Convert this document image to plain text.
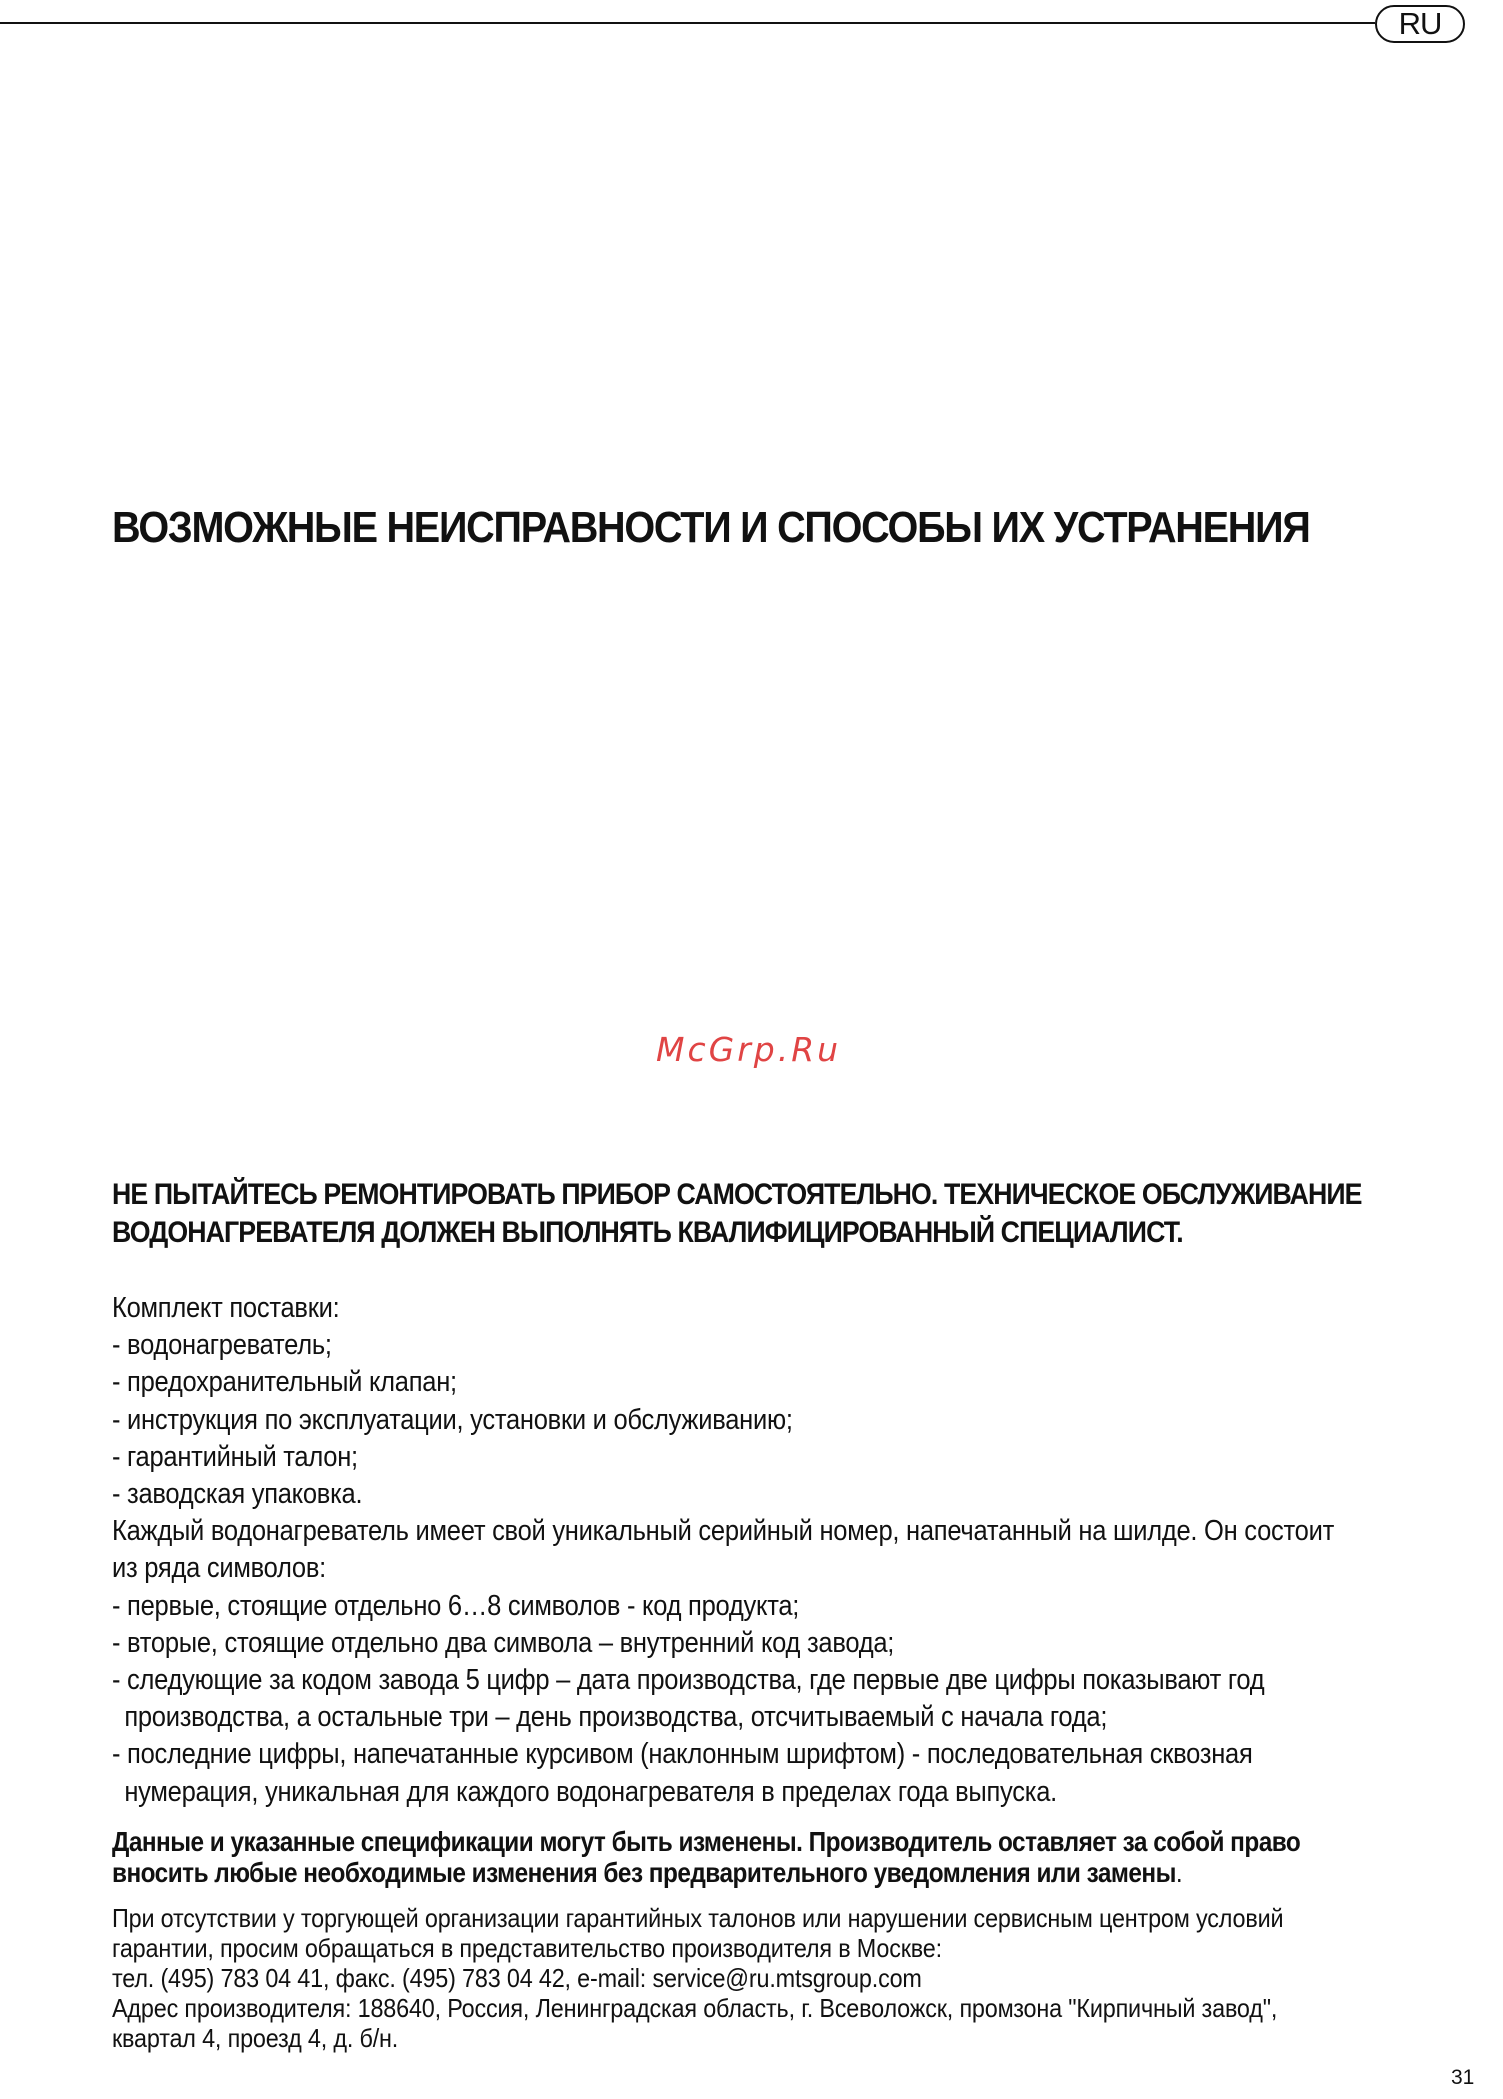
RU
ВОЗМОЖНЫЕ НЕИСПРАВНОСТИ И СПОСОБЫ ИХ УСТРАНЕНИЯ
McGrp.Ru
НЕ ПЫТАЙТЕСЬ РЕМОНТИРОВАТЬ ПРИБОР САМОСТОЯТЕЛЬНО. ТЕХНИЧЕСКОЕ ОБСЛУЖИВАНИЕ
ВОДОНАГРЕВАТЕЛЯ ДОЛЖЕН ВЫПОЛНЯТЬ КВАЛИФИЦИРОВАННЫЙ СПЕЦИАЛИСТ.
Комплект поставки:
- водонагреватель;
- предохранительный клапан;
- инструкция по эксплуатации, установки и обслуживанию;
- гарантийный талон;
- заводская упаковка.
Каждый водонагреватель имеет свой уникальный серийный номер, напечатанный на шилде. Он состоит
из ряда символов:
- первые, стоящие отдельно 6…8 символов - код продукта;
- вторые, стоящие отдельно два символа – внутренний код завода;
- следующие за кодом завода 5 цифр – дата производства, где первые две цифры показывают год
производства, а остальные три – день производства, отсчитываемый с начала года;
- последние цифры, напечатанные курсивом (наклонным шрифтом) - последовательная сквозная
нумерация, уникальная для каждого водонагревателя в пределах года выпуска.
Данные и указанные спецификации могут быть изменены. Производитель оставляет за собой право
вносить любые необходимые изменения без предварительного уведомления или замены.
При отсутствии у торгующей организации гарантийных талонов или нарушении сервисным центром условий
гарантии, просим обращаться в представительство производителя в Москве:
тел. (495) 783 04 41, факс. (495) 783 04 42, e-mail: service@ru.mtsgroup.com
Адрес производителя: 188640, Россия, Ленинградская область, г. Всеволожск, промзона "Кирпичный завод",
квартал 4, проезд 4, д. б/н.
31
